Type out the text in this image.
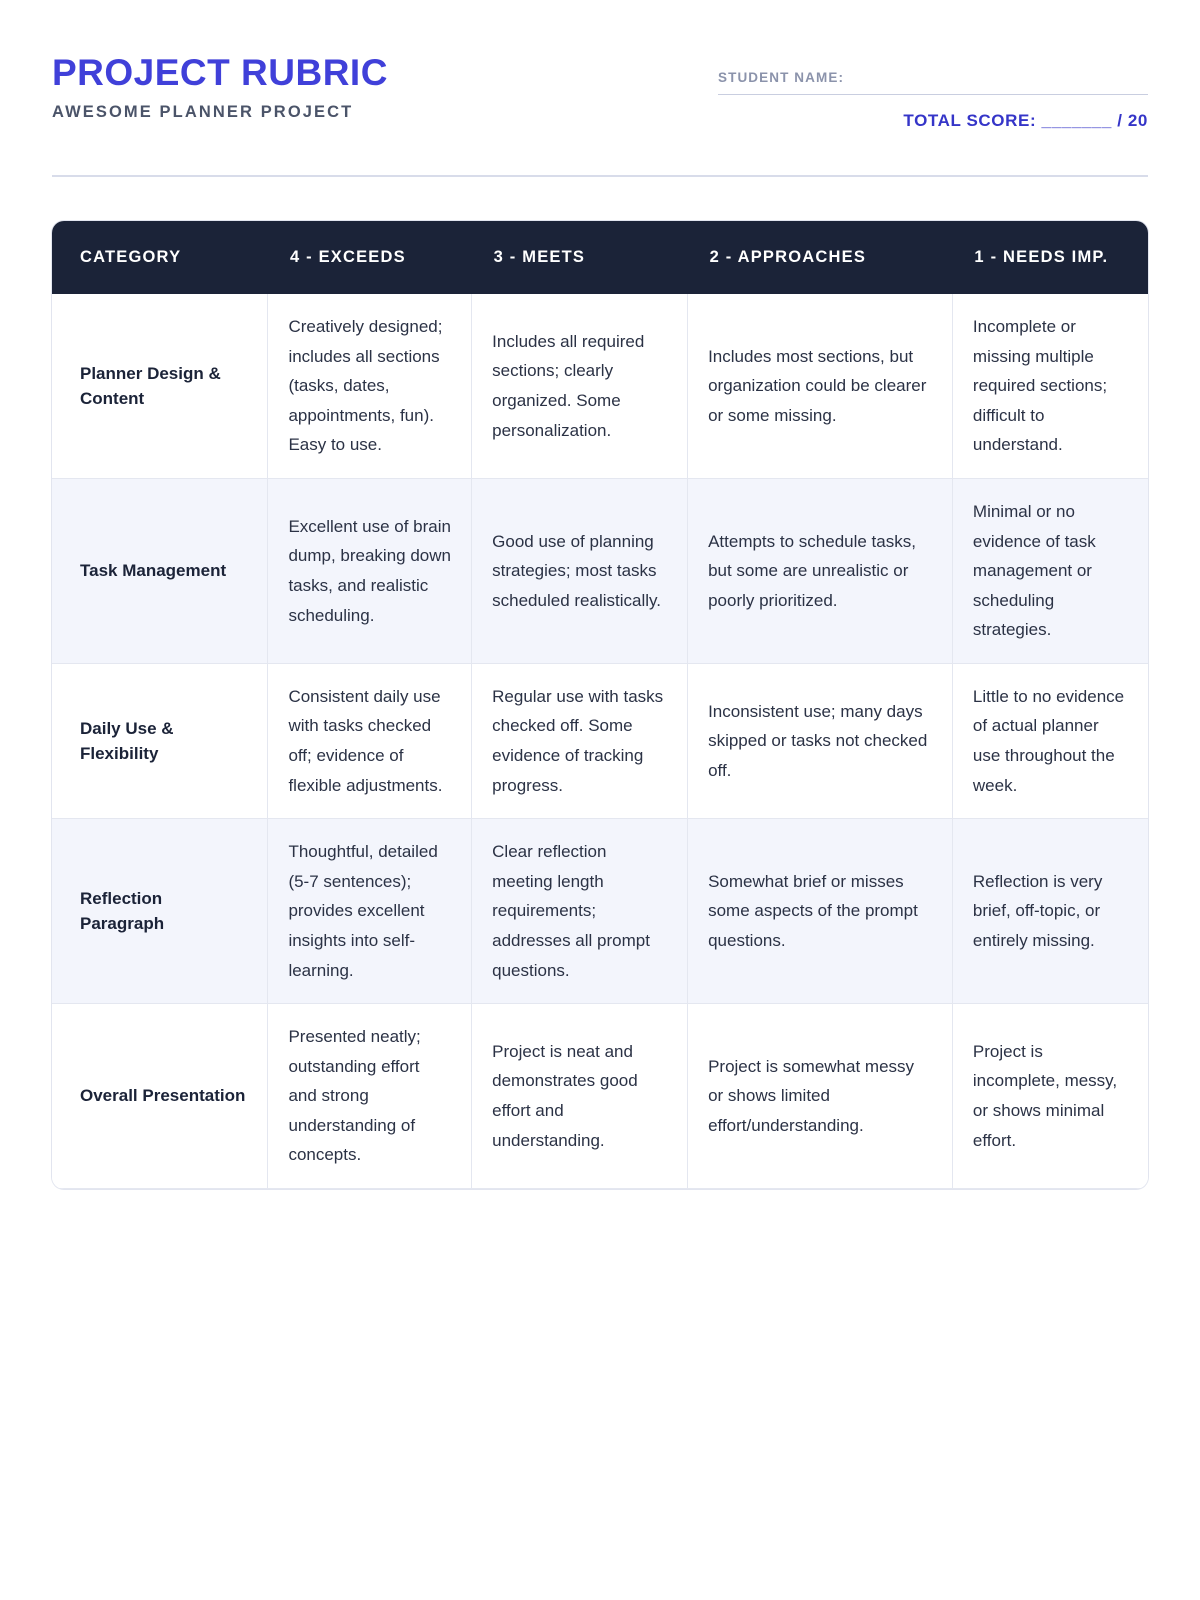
PROJECT RUBRIC

AWESOME PLANNER PROJECT

STUDENT NAME:
TOTAL SCORE: _______ / 20
CATEGORY	4 - EXCEEDS	3 - MEETS	2 - APPROACHES	1 - NEEDS IMP.
Planner Design & Content	Creatively designed; includes all sections (tasks, dates, appointments, fun). Easy to use.	Includes all required sections; clearly organized. Some personalization.	Includes most sections, but organization could be clearer or some missing.	Incomplete or missing multiple required sections; difficult to understand.
Task Management	Excellent use of brain dump, breaking down tasks, and realistic scheduling.	Good use of planning strategies; most tasks scheduled realistically.	Attempts to schedule tasks, but some are unrealistic or poorly prioritized.	Minimal or no evidence of task management or scheduling strategies.
Daily Use & Flexibility	Consistent daily use with tasks checked off; evidence of flexible adjustments.	Regular use with tasks checked off. Some evidence of tracking progress.	Inconsistent use; many days skipped or tasks not checked off.	Little to no evidence of actual planner use throughout the week.
Reflection Paragraph	Thoughtful, detailed (5-7 sentences); provides excellent insights into self-learning.	Clear reflection meeting length requirements; addresses all prompt questions.	Somewhat brief or misses some aspects of the prompt questions.	Reflection is very brief, off-topic, or entirely missing.
Overall Presentation	Presented neatly; outstanding effort and strong understanding of concepts.	Project is neat and demonstrates good effort and understanding.	Project is somewhat messy or shows limited effort/understanding.	Project is incomplete, messy, or shows minimal effort.
